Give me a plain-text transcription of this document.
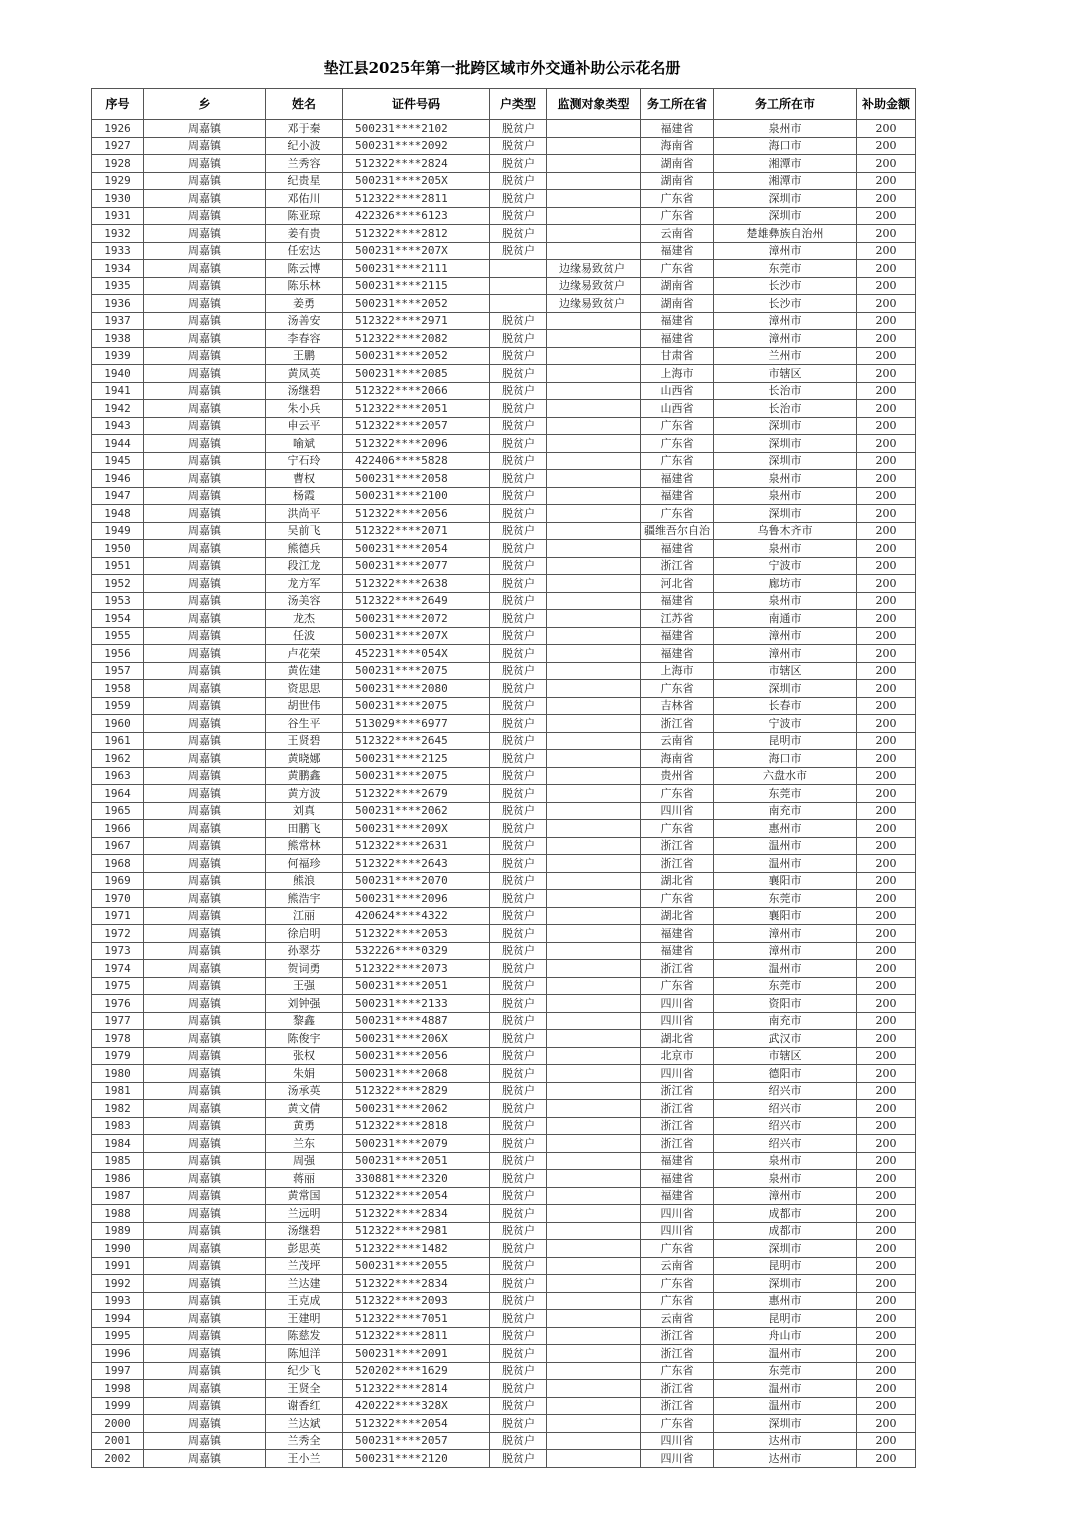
垫江县2025年第一批跨区域市外交通补助公示花名册
序号	乡	姓名	证件号码	户类型	监测对象类型	务工所在省	务工所在市	补助金额
1926	周嘉镇	邓于秦	500231****2102	脱贫户		福建省	泉州市	200
1927	周嘉镇	纪小波	500231****2092	脱贫户		海南省	海口市	200
1928	周嘉镇	兰秀容	512322****2824	脱贫户		湖南省	湘潭市	200
1929	周嘉镇	纪贵星	500231****205X	脱贫户		湖南省	湘潭市	200
1930	周嘉镇	邓佑川	512322****2811	脱贫户		广东省	深圳市	200
1931	周嘉镇	陈亚琼	422326****6123	脱贫户		广东省	深圳市	200
1932	周嘉镇	姜有贵	512322****2812	脱贫户		云南省	楚雄彝族自治州	200
1933	周嘉镇	任宏达	500231****207X	脱贫户		福建省	漳州市	200
1934	周嘉镇	陈云博	500231****2111		边缘易致贫户	广东省	东莞市	200
1935	周嘉镇	陈乐林	500231****2115		边缘易致贫户	湖南省	长沙市	200
1936	周嘉镇	姜勇	500231****2052		边缘易致贫户	湖南省	长沙市	200
1937	周嘉镇	汤善安	512322****2971	脱贫户		福建省	漳州市	200
1938	周嘉镇	李春容	512322****2082	脱贫户		福建省	漳州市	200
1939	周嘉镇	王鹏	500231****2052	脱贫户		甘肃省	兰州市	200
1940	周嘉镇	黄凤英	500231****2085	脱贫户		上海市	市辖区	200
1941	周嘉镇	汤继碧	512322****2066	脱贫户		山西省	长治市	200
1942	周嘉镇	朱小兵	512322****2051	脱贫户		山西省	长治市	200
1943	周嘉镇	申云平	512322****2057	脱贫户		广东省	深圳市	200
1944	周嘉镇	喻斌	512322****2096	脱贫户		广东省	深圳市	200
1945	周嘉镇	宁石玲	422406****5828	脱贫户		广东省	深圳市	200
1946	周嘉镇	曹权	500231****2058	脱贫户		福建省	泉州市	200
1947	周嘉镇	杨霞	500231****2100	脱贫户		福建省	泉州市	200
1948	周嘉镇	洪尚平	512322****2056	脱贫户		广东省	深圳市	200
1949	周嘉镇	吴前飞	512322****2071	脱贫户		疆维吾尔自治	乌鲁木齐市	200
1950	周嘉镇	熊德兵	500231****2054	脱贫户		福建省	泉州市	200
1951	周嘉镇	段江龙	500231****2077	脱贫户		浙江省	宁波市	200
1952	周嘉镇	龙方军	512322****2638	脱贫户		河北省	廊坊市	200
1953	周嘉镇	汤美容	512322****2649	脱贫户		福建省	泉州市	200
1954	周嘉镇	龙杰	500231****2072	脱贫户		江苏省	南通市	200
1955	周嘉镇	任波	500231****207X	脱贫户		福建省	漳州市	200
1956	周嘉镇	卢花荣	452231****054X	脱贫户		福建省	漳州市	200
1957	周嘉镇	黄佐建	500231****2075	脱贫户		上海市	市辖区	200
1958	周嘉镇	资思思	500231****2080	脱贫户		广东省	深圳市	200
1959	周嘉镇	胡世伟	500231****2075	脱贫户		吉林省	长春市	200
1960	周嘉镇	谷生平	513029****6977	脱贫户		浙江省	宁波市	200
1961	周嘉镇	王贤碧	512322****2645	脱贫户		云南省	昆明市	200
1962	周嘉镇	黄晓娜	500231****2125	脱贫户		海南省	海口市	200
1963	周嘉镇	黄鹏鑫	500231****2075	脱贫户		贵州省	六盘水市	200
1964	周嘉镇	黄方波	512322****2679	脱贫户		广东省	东莞市	200
1965	周嘉镇	刘真	500231****2062	脱贫户		四川省	南充市	200
1966	周嘉镇	田鹏飞	500231****209X	脱贫户		广东省	惠州市	200
1967	周嘉镇	熊常林	512322****2631	脱贫户		浙江省	温州市	200
1968	周嘉镇	何福珍	512322****2643	脱贫户		浙江省	温州市	200
1969	周嘉镇	熊浪	500231****2070	脱贫户		湖北省	襄阳市	200
1970	周嘉镇	熊浩宇	500231****2096	脱贫户		广东省	东莞市	200
1971	周嘉镇	江丽	420624****4322	脱贫户		湖北省	襄阳市	200
1972	周嘉镇	徐启明	512322****2053	脱贫户		福建省	漳州市	200
1973	周嘉镇	孙翠芬	532226****0329	脱贫户		福建省	漳州市	200
1974	周嘉镇	贺词勇	512322****2073	脱贫户		浙江省	温州市	200
1975	周嘉镇	王强	500231****2051	脱贫户		广东省	东莞市	200
1976	周嘉镇	刘钟强	500231****2133	脱贫户		四川省	资阳市	200
1977	周嘉镇	黎鑫	500231****4887	脱贫户		四川省	南充市	200
1978	周嘉镇	陈俊宇	500231****206X	脱贫户		湖北省	武汉市	200
1979	周嘉镇	张权	500231****2056	脱贫户		北京市	市辖区	200
1980	周嘉镇	朱娟	500231****2068	脱贫户		四川省	德阳市	200
1981	周嘉镇	汤承英	512322****2829	脱贫户		浙江省	绍兴市	200
1982	周嘉镇	黄文倩	500231****2062	脱贫户		浙江省	绍兴市	200
1983	周嘉镇	黄勇	512322****2818	脱贫户		浙江省	绍兴市	200
1984	周嘉镇	兰东	500231****2079	脱贫户		浙江省	绍兴市	200
1985	周嘉镇	周强	500231****2051	脱贫户		福建省	泉州市	200
1986	周嘉镇	蒋丽	330881****2320	脱贫户		福建省	泉州市	200
1987	周嘉镇	黄常国	512322****2054	脱贫户		福建省	漳州市	200
1988	周嘉镇	兰远明	512322****2834	脱贫户		四川省	成都市	200
1989	周嘉镇	汤继碧	512322****2981	脱贫户		四川省	成都市	200
1990	周嘉镇	彭思英	512322****1482	脱贫户		广东省	深圳市	200
1991	周嘉镇	兰茂坪	500231****2055	脱贫户		云南省	昆明市	200
1992	周嘉镇	兰达建	512322****2834	脱贫户		广东省	深圳市	200
1993	周嘉镇	王克成	512322****2093	脱贫户		广东省	惠州市	200
1994	周嘉镇	王建明	512322****7051	脱贫户		云南省	昆明市	200
1995	周嘉镇	陈慈发	512322****2811	脱贫户		浙江省	舟山市	200
1996	周嘉镇	陈旭洋	500231****2091	脱贫户		浙江省	温州市	200
1997	周嘉镇	纪少飞	520202****1629	脱贫户		广东省	东莞市	200
1998	周嘉镇	王贤全	512322****2814	脱贫户		浙江省	温州市	200
1999	周嘉镇	谢香红	420222****328X	脱贫户		浙江省	温州市	200
2000	周嘉镇	兰达斌	512322****2054	脱贫户		广东省	深圳市	200
2001	周嘉镇	兰秀全	500231****2057	脱贫户		四川省	达州市	200
2002	周嘉镇	王小兰	500231****2120	脱贫户		四川省	达州市	200
